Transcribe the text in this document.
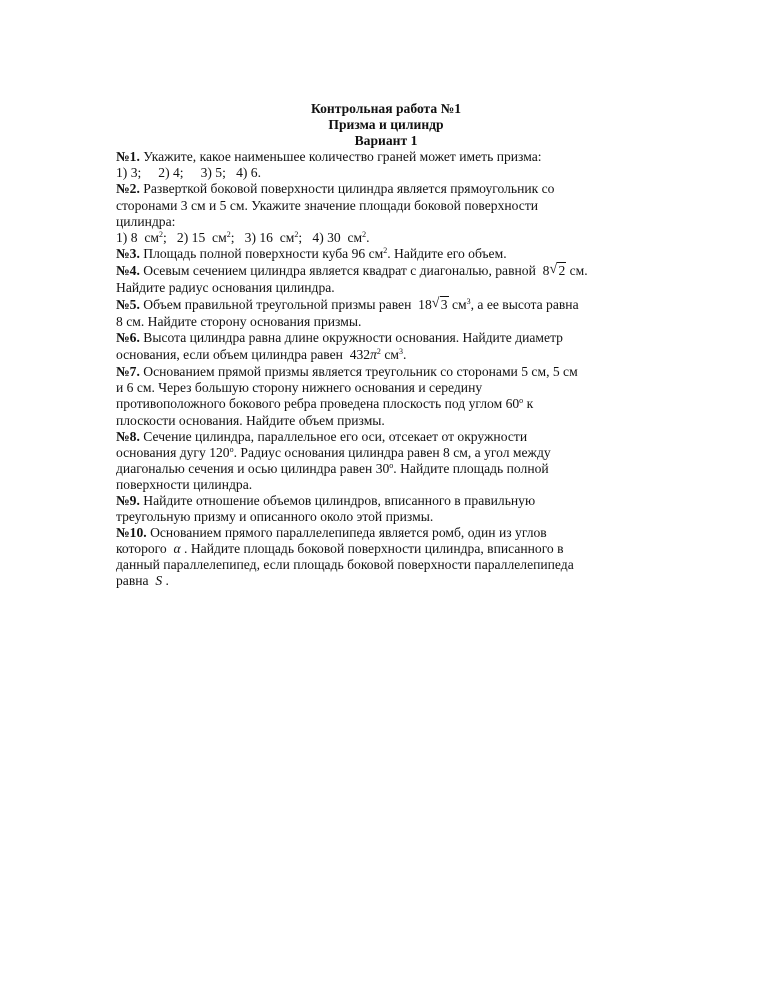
Контрольная работа №1
Призма и цилиндр
Вариант 1

№1. Укажите, какое наименьшее количество граней может иметь призма:

1) 3;     2) 4;     3) 5;   4) 6.

№2. Разверткой боковой поверхности цилиндра является прямоугольник со

сторонами 3 см и 5 см. Укажите значение площади боковой поверхности

цилиндра:

1) 8  $см^2$;   2) 15  $см^2$;   3) 16  $см^2$;   4) 30  $см^2$.

№3. Площадь полной поверхности куба 96 $см^2$. Найдите его объем.

№4. Осевым сечением цилиндра является квадрат с диагональю, равной  8 √ 2 см.

Найдите радиус основания цилиндра.

№5. Объем правильной треугольной призмы равен  18 √ 3 $см^3$, а ее высота равна

8 см. Найдите сторону основания призмы.

№6. Высота цилиндра равна длине окружности основания. Найдите диаметр

основания, если объем цилиндра равен  $432\pi^2$ $см^3$.

№7. Основанием прямой призмы является треугольник со сторонами 5 см, 5 см

и 6 см. Через большую сторону нижнего основания и середину

противоположного бокового ребра проведена плоскость под углом 60$^o$ к

плоскости основания. Найдите объем призмы.

№8. Сечение цилиндра, параллельное его оси, отсекает от окружности

основания дугу 120$^o$. Радиус основания цилиндра равен 8 см, а угол между

диагональю сечения и осью цилиндра равен 30$^o$. Найдите площадь полной

поверхности цилиндра.

№9. Найдите отношение объемов цилиндров, вписанного в правильную

треугольную призму и описанного около этой призмы.

№10. Основанием прямого параллелепипеда является ромб, один из углов

которого  α . Найдите площадь боковой поверхности цилиндра, вписанного в

данный параллелепипед, если площадь боковой поверхности параллелепипеда

равна  S .
